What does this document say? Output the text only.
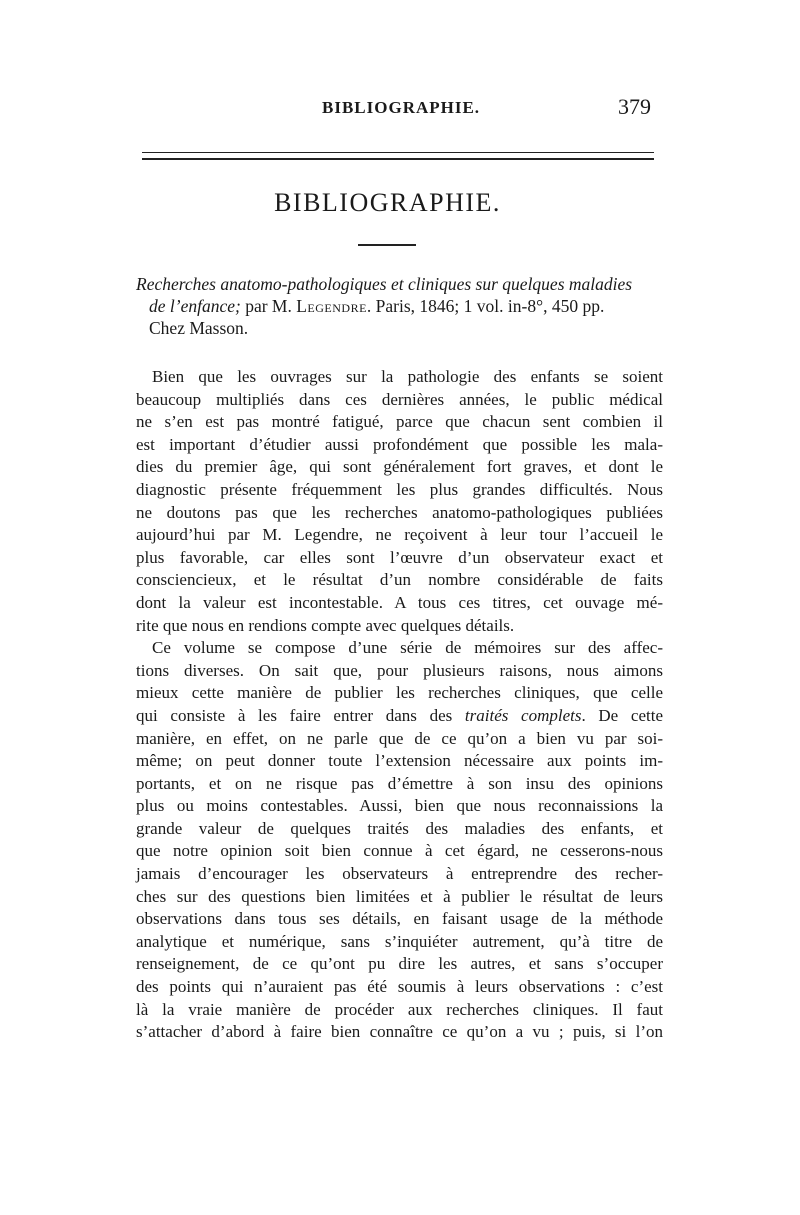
BIBLIOGRAPHIE.	379
BIBLIOGRAPHIE.
Recherches anatomo-pathologiques et cliniques sur quelques maladies
de l’enfance; par M. Legendre. Paris, 1846; 1 vol. in-8°, 450 pp.
Chez Masson.
Bien que les ouvrages sur la pathologie des enfants se soient
beaucoup multipliés dans ces dernières années, le public médical
ne s’en est pas montré fatigué, parce que chacun sent combien il
est important d’étudier aussi profondément que possible les mala-
dies du premier âge, qui sont généralement fort graves, et dont le
diagnostic présente fréquemment les plus grandes difficultés. Nous
ne doutons pas que les recherches anatomo-pathologiques publiées
aujourd’hui par M. Legendre, ne reçoivent à leur tour l’accueil le
plus favorable, car elles sont l’œuvre d’un observateur exact et
consciencieux, et le résultat d’un nombre considérable de faits
dont la valeur est incontestable. A tous ces titres, cet ouvage mé-
rite que nous en rendions compte avec quelques détails.
Ce volume se compose d’une série de mémoires sur des affec-
tions diverses. On sait que, pour plusieurs raisons, nous aimons
mieux cette manière de publier les recherches cliniques, que celle
qui consiste à les faire entrer dans des traités complets. De cette
manière, en effet, on ne parle que de ce qu’on a bien vu par soi-
même; on peut donner toute l’extension nécessaire aux points im-
portants, et on ne risque pas d’émettre à son insu des opinions
plus ou moins contestables. Aussi, bien que nous reconnaissions la
grande valeur de quelques traités des maladies des enfants, et
que notre opinion soit bien connue à cet égard, ne cesserons-nous
jamais d’encourager les observateurs à entreprendre des recher-
ches sur des questions bien limitées et à publier le résultat de leurs
observations dans tous ses détails, en faisant usage de la méthode
analytique et numérique, sans s’inquiéter autrement, qu’à titre de
renseignement, de ce qu’ont pu dire les autres, et sans s’occuper
des points qui n’auraient pas été soumis à leurs observations : c’est
là la vraie manière de procéder aux recherches cliniques. Il faut
s’attacher d’abord à faire bien connaître ce qu’on a vu ; puis, si l’on
